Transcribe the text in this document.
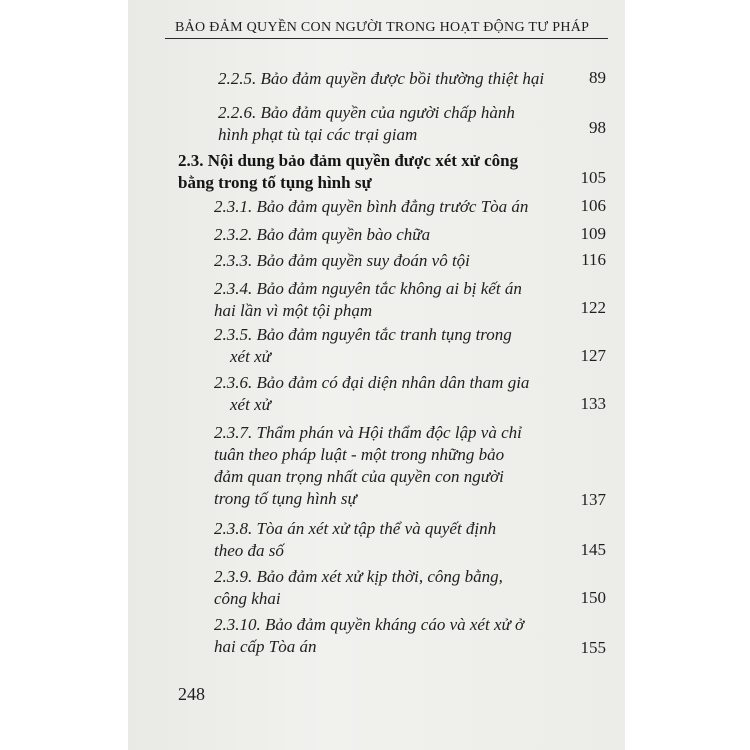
BẢO ĐẢM QUYỀN CON NGƯỜI TRONG HOẠT ĐỘNG TƯ PHÁP
2.2.5. Bảo đảm quyền được bồi thường thiệt hại	89
2.2.6. Bảo đảm quyền của người chấp hành
hình phạt tù tại các trại giam	98
2.3. Nội dung bảo đảm quyền được xét xử công
bằng trong tố tụng hình sự	105
2.3.1. Bảo đảm quyền bình đẳng trước Tòa án	106
2.3.2. Bảo đảm quyền bào chữa	109
2.3.3. Bảo đảm quyền suy đoán vô tội	116
2.3.4. Bảo đảm nguyên tắc không ai bị kết án
hai lần vì một tội phạm	122
2.3.5. Bảo đảm nguyên tắc tranh tụng trong
xét xử	127
2.3.6. Bảo đảm có đại diện nhân dân tham gia
xét xử	133
2.3.7. Thẩm phán và Hội thẩm độc lập và chỉ
tuân theo pháp luật - một trong những bảo
đảm quan trọng nhất của quyền con người
trong tố tụng hình sự	137
2.3.8. Tòa án xét xử tập thể và quyết định
theo đa số	145
2.3.9. Bảo đảm xét xử kịp thời, công bằng,
công khai	150
2.3.10. Bảo đảm quyền kháng cáo và xét xử ở
hai cấp Tòa án	155
248
